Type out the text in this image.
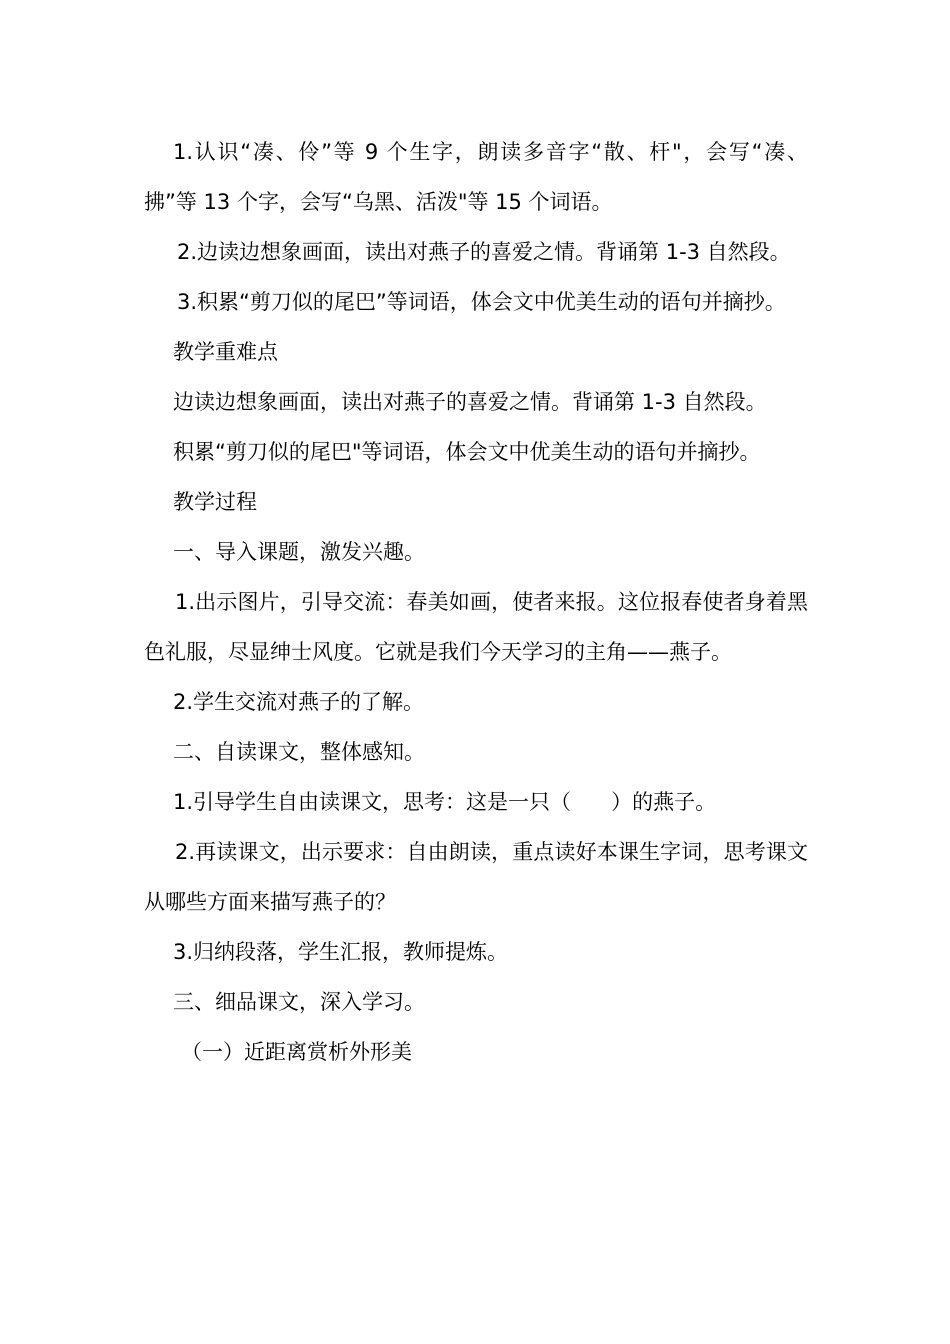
1.认识“凑、伶”等 9 个生字，朗读多音字“散、杆"，会写“凑、拂”等 13 个字，会写“乌黑、活泼"等 15 个词语。

2.边读边想象画面，读出对燕子的喜爱之情。背诵第 1-3 自然段。

3.积累“剪刀似的尾巴”等词语，体会文中优美生动的语句并摘抄。

教学重难点

边读边想象画面，读出对燕子的喜爱之情。背诵第 1-3 自然段。

积累“剪刀似的尾巴"等词语，体会文中优美生动的语句并摘抄。

教学过程

一、导入课题，激发兴趣。

1.出示图片，引导交流：春美如画，使者来报。这位报春使者身着黑色礼服，尽显绅士风度。它就是我们今天学习的主角——燕子。

2.学生交流对燕子的了解。

二、自读课文，整体感知。

1.引导学生自由读课文，思考：这是一只（      ）的燕子。

2.再读课文，出示要求：自由朗读，重点读好本课生字词，思考课文从哪些方面来描写燕子的？

3.归纳段落，学生汇报，教师提炼。

三、细品课文，深入学习。

（一）近距离赏析外形美
